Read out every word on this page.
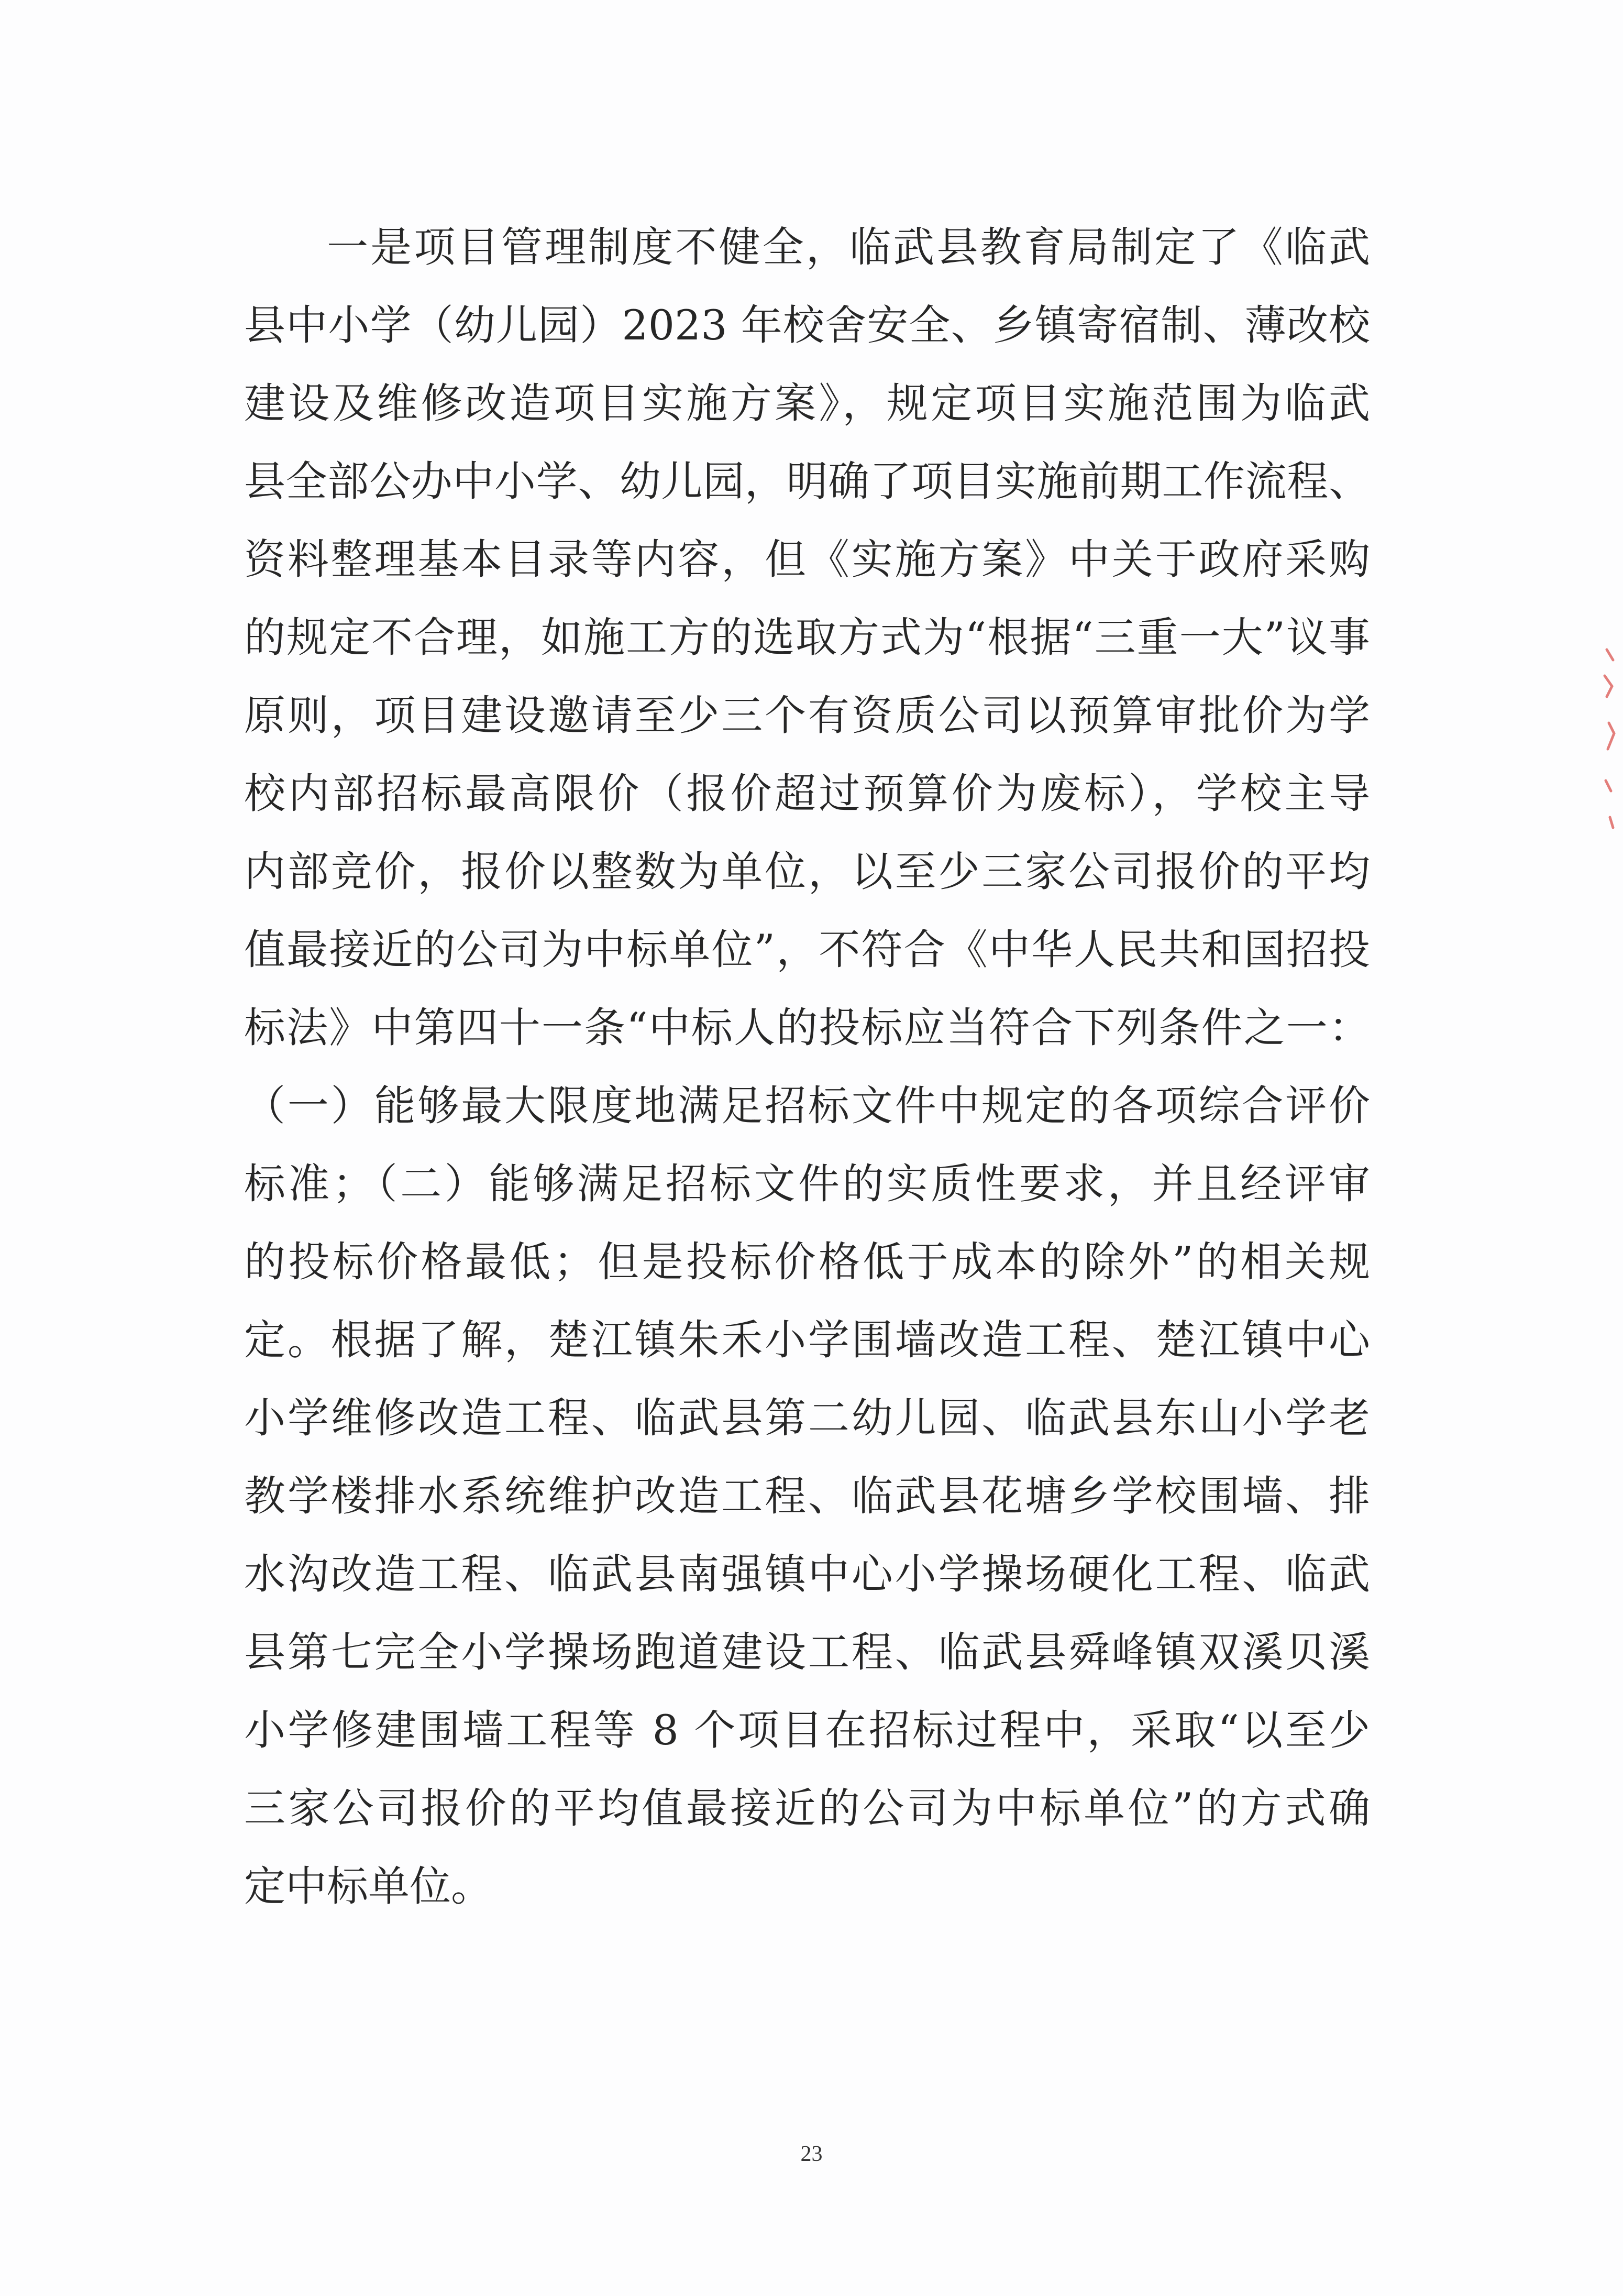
一是项目管理制度不健全，临武县教育局制定了《临武
县中小学（幼儿园）2023 年校舍安全、乡镇寄宿制、薄改校
建设及维修改造项目实施方案》，规定项目实施范围为临武
县全部公办中小学、幼儿园，明确了项目实施前期工作流程、
资料整理基本目录等内容，但《实施方案》中关于政府采购
的规定不合理，如施工方的选取方式为“根据“三重一大”议事
原则，项目建设邀请至少三个有资质公司以预算审批价为学
校内部招标最高限价（报价超过预算价为废标），学校主导
内部竞价，报价以整数为单位，以至少三家公司报价的平均
值最接近的公司为中标单位”，不符合《中华人民共和国招投
标法》中第四十一条“中标人的投标应当符合下列条件之一：
（一）能够最大限度地满足招标文件中规定的各项综合评价
标准；（二）能够满足招标文件的实质性要求，并且经评审
的投标价格最低；但是投标价格低于成本的除外”的相关规
定。根据了解，楚江镇朱禾小学围墙改造工程、楚江镇中心
小学维修改造工程、临武县第二幼儿园、临武县东山小学老
教学楼排水系统维护改造工程、临武县花塘乡学校围墙、排
水沟改造工程、临武县南强镇中心小学操场硬化工程、临武
县第七完全小学操场跑道建设工程、临武县舜峰镇双溪贝溪
小学修建围墙工程等 8 个项目在招标过程中，采取“以至少
三家公司报价的平均值最接近的公司为中标单位”的方式确
定中标单位。
23
